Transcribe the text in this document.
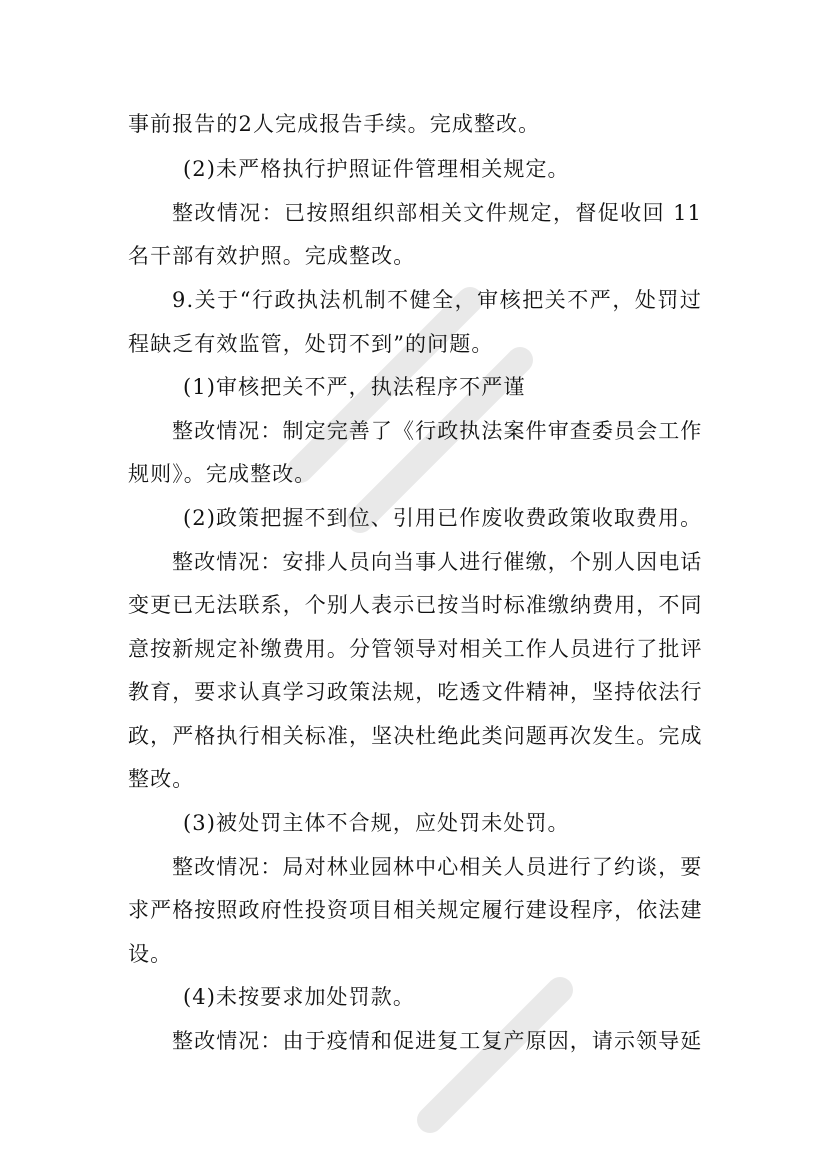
事前报告的2人完成报告手续。完成整改。
(2)未严格执行护照证件管理相关规定。
整改情况：已按照组织部相关文件规定，督促收回 11
名干部有效护照。完成整改。
9.关于“行政执法机制不健全，审核把关不严，处罚过
程缺乏有效监管，处罚不到”的问题。
(1)审核把关不严，执法程序不严谨
整改情况：制定完善了《行政执法案件审查委员会工作
规则》。完成整改。
(2)政策把握不到位、引用已作废收费政策收取费用。
整改情况：安排人员向当事人进行催缴，个别人因电话
变更已无法联系，个别人表示已按当时标准缴纳费用，不同
意按新规定补缴费用。分管领导对相关工作人员进行了批评
教育，要求认真学习政策法规，吃透文件精神，坚持依法行
政，严格执行相关标准，坚决杜绝此类问题再次发生。完成
整改。
(3)被处罚主体不合规，应处罚未处罚。
整改情况：局对林业园林中心相关人员进行了约谈，要
求严格按照政府性投资项目相关规定履行建设程序，依法建
设。
(4)未按要求加处罚款。
整改情况：由于疫情和促进复工复产原因，请示领导延
